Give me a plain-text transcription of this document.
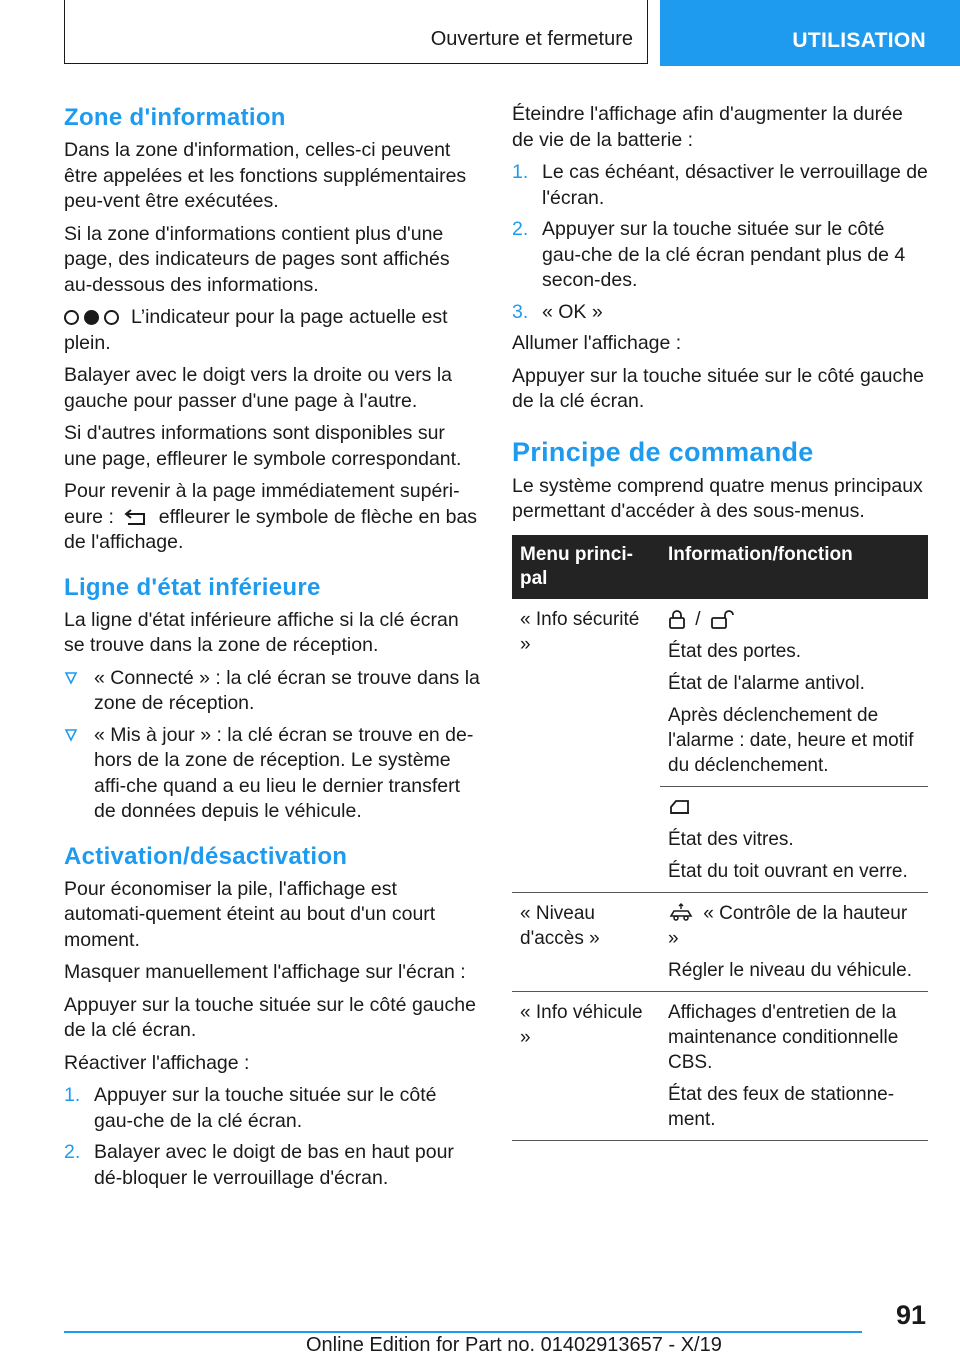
Ouverture et fermeture	UTILISATION
Zone d'information

Dans la zone d'information, celles-ci peuvent être appelées et les fonctions supplémentaires peu-vent être exécutées.

Si la zone d'informations contient plus d'une page, des indicateurs de pages sont affichés au-dessous des informations.

L’indicateur pour la page actuelle est plein.

Balayer avec le doigt vers la droite ou vers la gauche pour passer d'une page à l'autre.

Si d'autres informations sont disponibles sur une page, effleurer le symbole correspondant.

Pour revenir à la page immédiatement supéri-eure : effleurer le symbole de flèche en bas de l'affichage.

Ligne d'état inférieure

La ligne d'état inférieure affiche si la clé écran se trouve dans la zone de réception.

« Connecté » : la clé écran se trouve dans la zone de réception.
« Mis à jour » : la clé écran se trouve en de-hors de la zone de réception. Le système affi-che quand a eu lieu le dernier transfert de données depuis le véhicule.
Activation/désactivation

Pour économiser la pile, l'affichage est automati-quement éteint au bout d'un court moment.

Masquer manuellement l'affichage sur l'écran :

Appuyer sur la touche située sur le côté gauche de la clé écran.

Réactiver l'affichage :

1. Appuyer sur la touche située sur le côté gau-che de la clé écran.
2. Balayer avec le doigt de bas en haut pour dé-bloquer le verrouillage d'écran.

Éteindre l'affichage afin d'augmenter la durée de vie de la batterie :

1. Le cas échéant, désactiver le verrouillage de l'écran.
2. Appuyer sur la touche située sur le côté gau-che de la clé écran pendant plus de 4 secon-des.
3. « OK »

Allumer l'affichage :

Appuyer sur la touche située sur le côté gauche de la clé écran.

Principe de commande

Le système comprend quatre menus principaux permettant d'accéder à des sous-menus.

Menu princi-pal	Information/fonction
« Info sécurité »	/

État des portes.

État de l'alarme antivol.

Après déclenchement de l'alarme : date, heure et motif du déclenchement.

	État des vitres.

État du toit ouvrant en verre.

« Niveau d'accès »	« Contrôle de la hauteur »

Régler le niveau du véhicule.

« Info véhicule »	Affichages d'entretien de la maintenance conditionnelle CBS.

État des feux de stationne-ment.

91
Online Edition for Part no. 01402913657 - X/19
